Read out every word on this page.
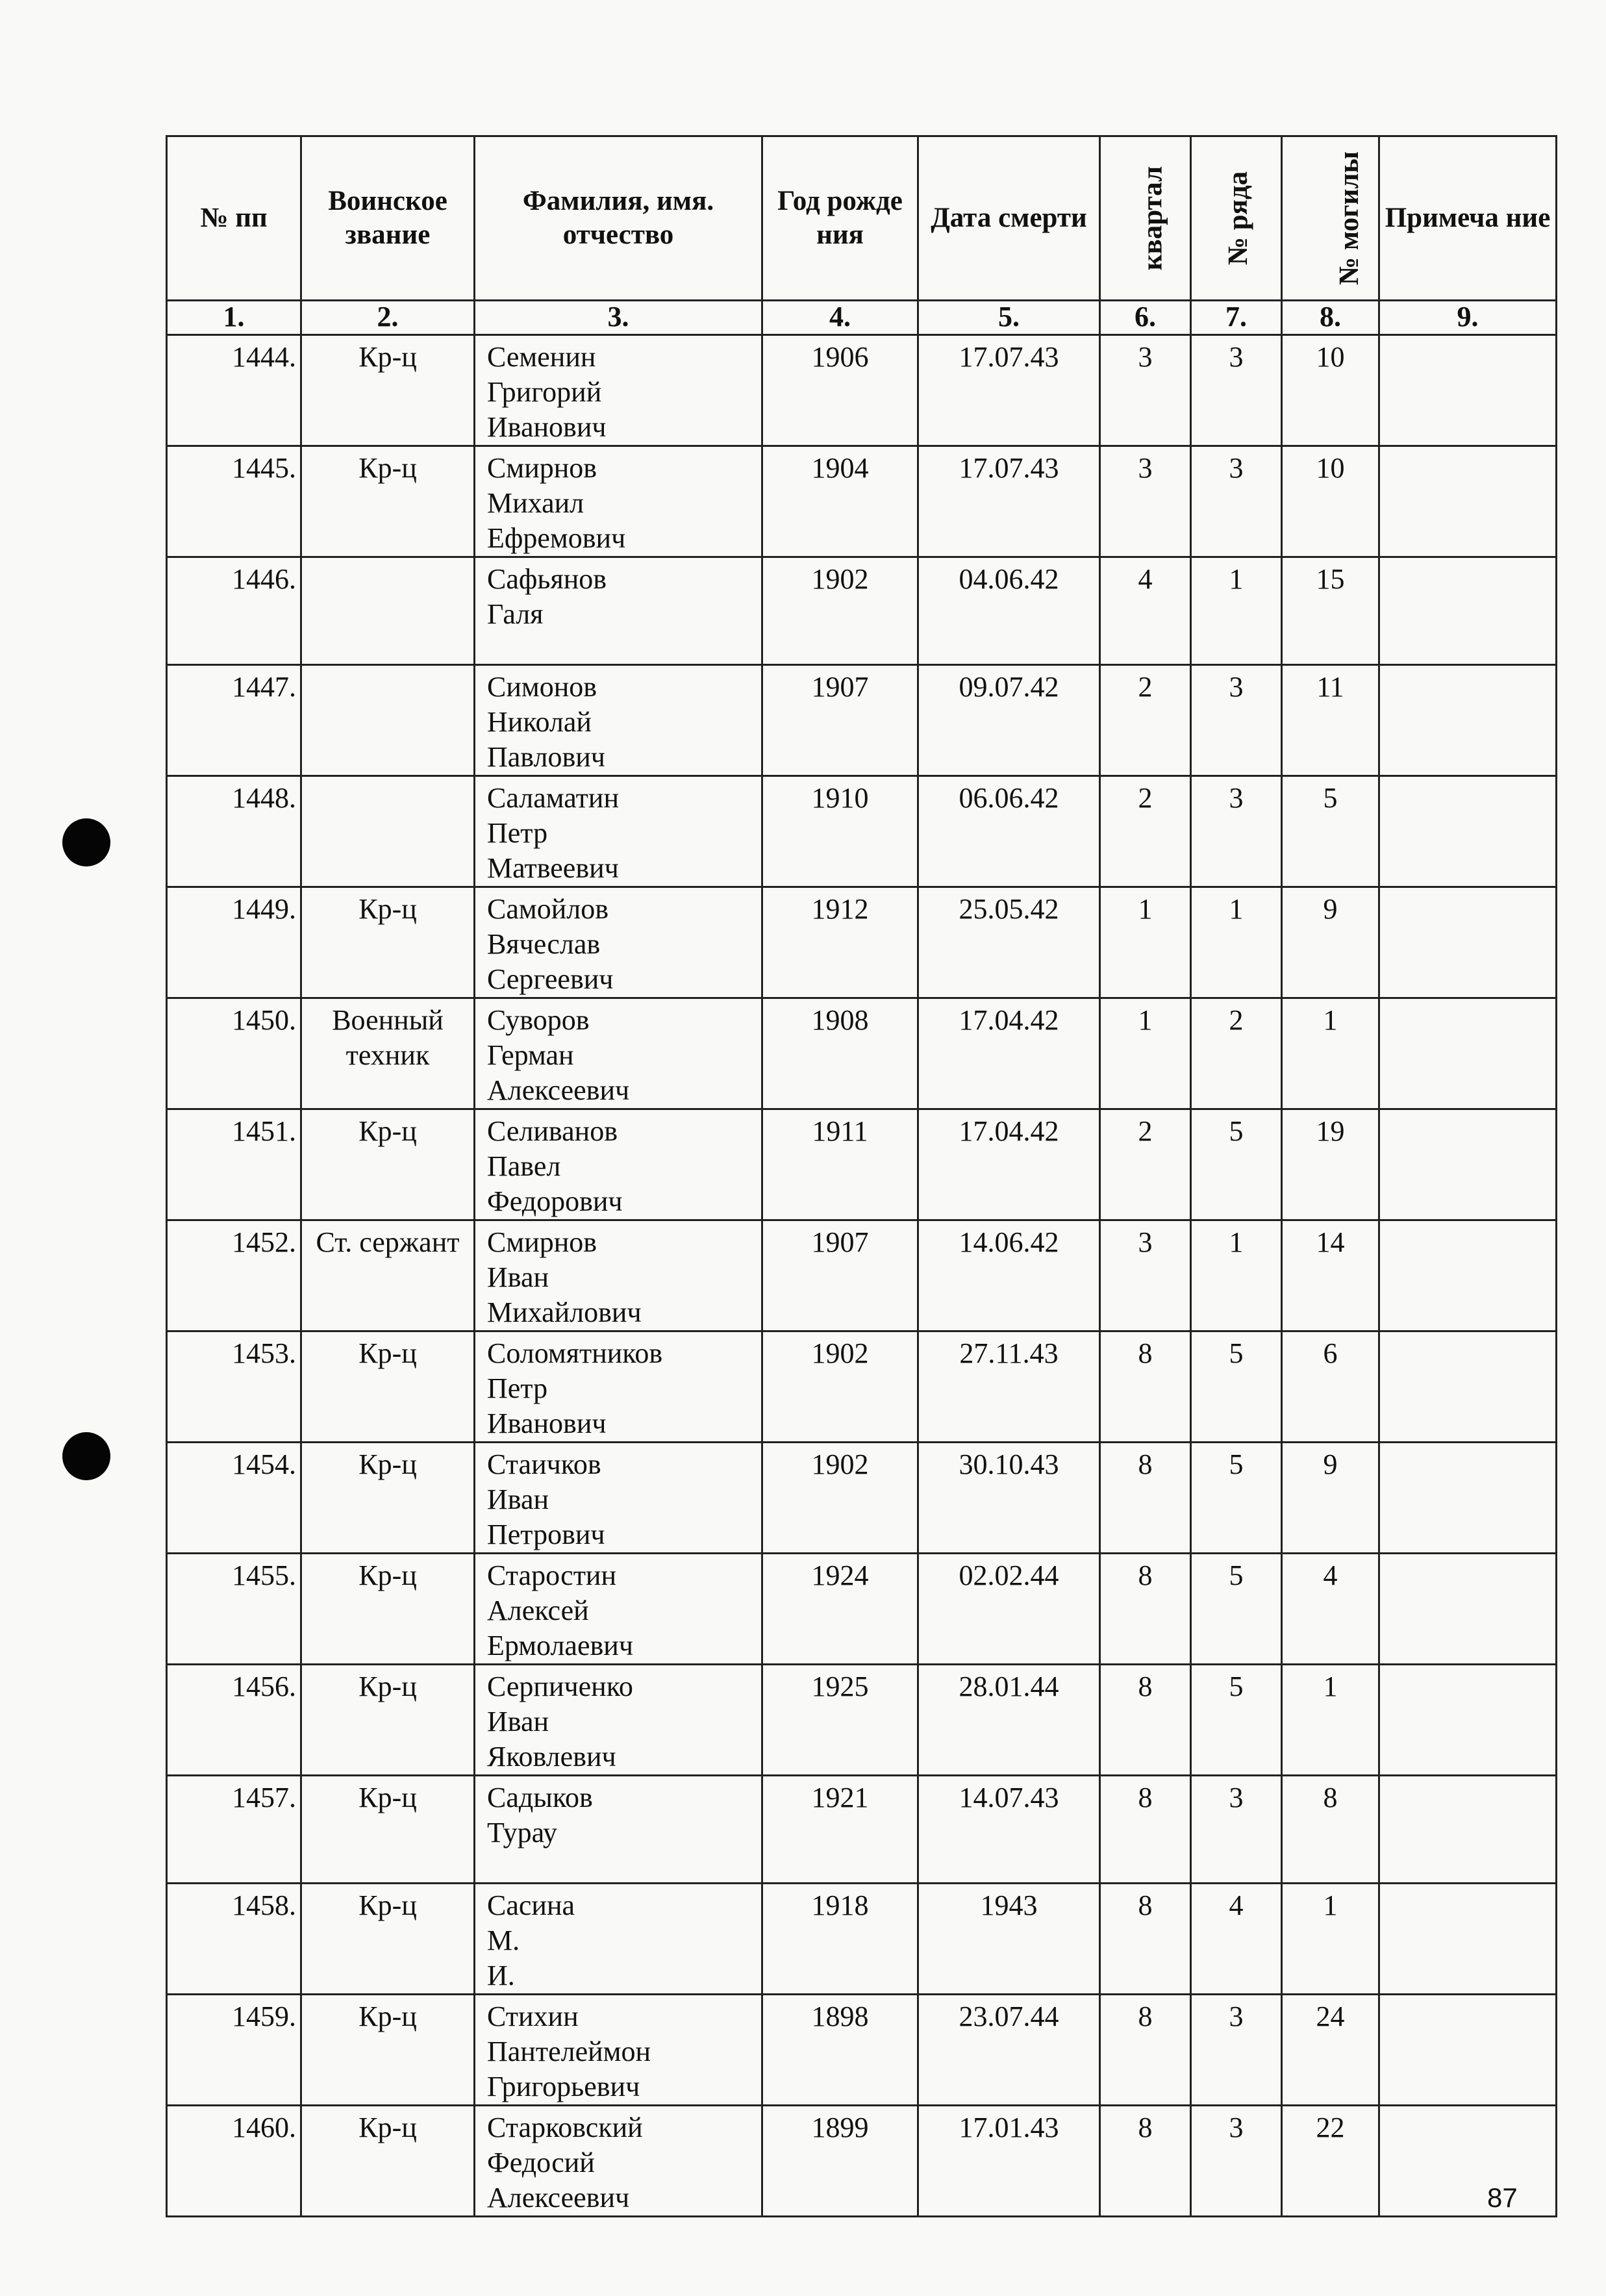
№ пп	Воинское звание	Фамилия, имя. отчество	Год рожде ния	Дата смерти	квартал	№ ряда	№ могилы	Примеча ние
1.	2.	3.	4.	5.	6.	7.	8.	9.
1444.	Кр-ц	Семенин
Григорий
Иванович	1906	17.07.43	3	3	10	
1445.	Кр-ц	Смирнов
Михаил
Ефремович	1904	17.07.43	3	3	10	
1446.		Сафьянов
Галя	1902	04.06.42	4	1	15	
1447.		Симонов
Николай
Павлович	1907	09.07.42	2	3	11	
1448.		Саламатин
Петр
Матвеевич	1910	06.06.42	2	3	5	
1449.	Кр-ц	Самойлов
Вячеслав
Сергеевич	1912	25.05.42	1	1	9	
1450.	Военный техник	Суворов
Герман
Алексеевич	1908	17.04.42	1	2	1	
1451.	Кр-ц	Селиванов
Павел
Федорович	1911	17.04.42	2	5	19	
1452.	Ст. сержант	Смирнов
Иван
Михайлович	1907	14.06.42	3	1	14	
1453.	Кр-ц	Соломятников
Петр
Иванович	1902	27.11.43	8	5	6	
1454.	Кр-ц	Стаичков
Иван
Петрович	1902	30.10.43	8	5	9	
1455.	Кр-ц	Старостин
Алексей
Ермолаевич	1924	02.02.44	8	5	4	
1456.	Кр-ц	Серпиченко
Иван
Яковлевич	1925	28.01.44	8	5	1	
1457.	Кр-ц	Садыков
Турау	1921	14.07.43	8	3	8	
1458.	Кр-ц	Сасина
М.
И.	1918	1943	8	4	1	
1459.	Кр-ц	Стихин
Пантелеймон
Григорьевич	1898	23.07.44	8	3	24	
1460.	Кр-ц	Старковский
Федосий
Алексеевич	1899	17.01.43	8	3	22	
87
